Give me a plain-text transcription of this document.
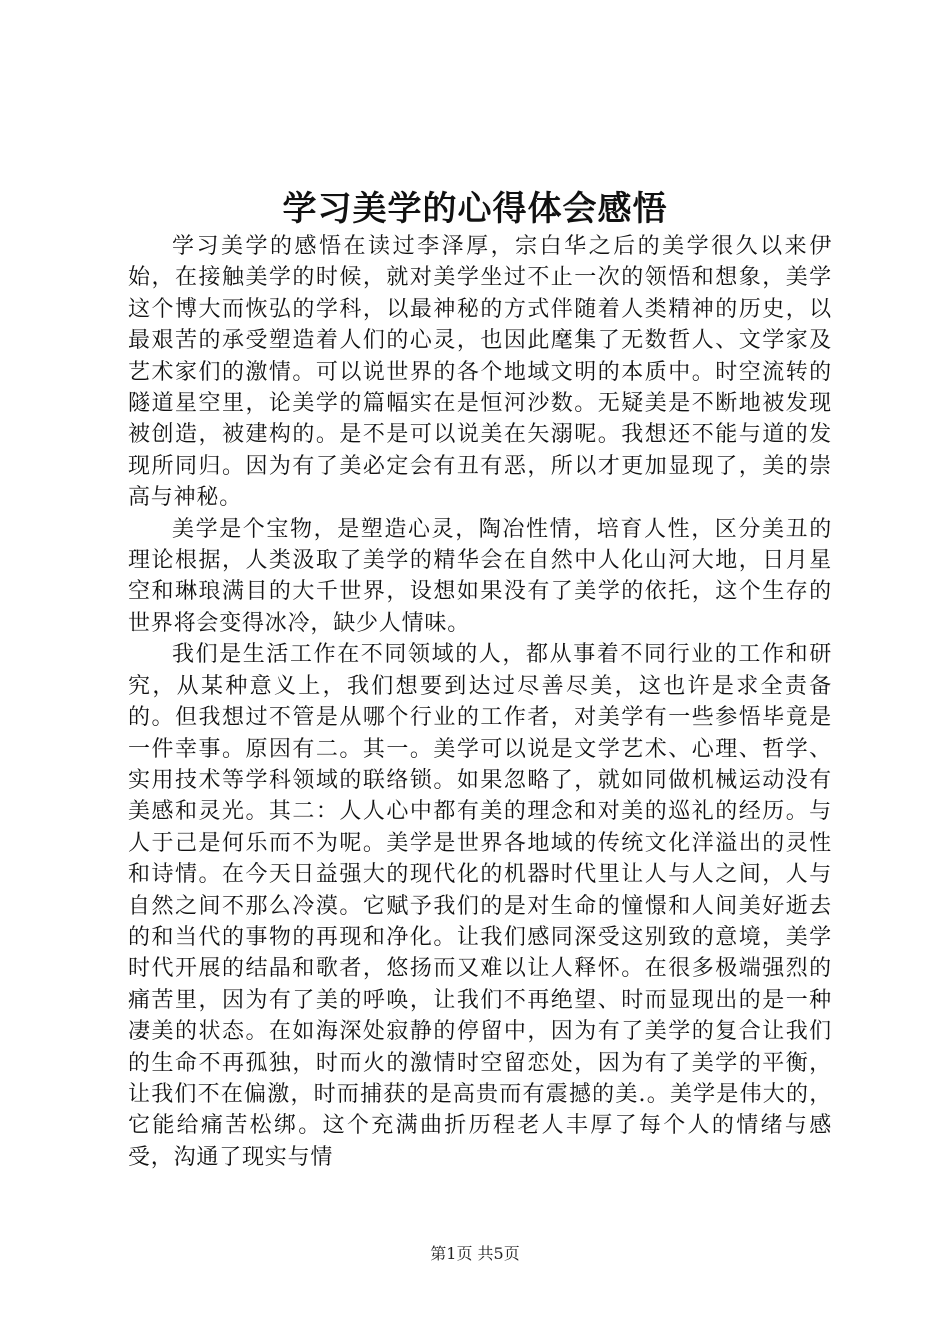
学习美学的心得体会感悟

学习美学的感悟在读过李泽厚，宗白华之后的美学很久以来伊始，在接触美学的时候，就对美学坐过不止一次的领悟和想象，美学这个博大而恢弘的学科，以最神秘的方式伴随着人类精神的历史，以最艰苦的承受塑造着人们的心灵，也因此麾集了无数哲人、文学家及艺术家们的激情。可以说世界的各个地域文明的本质中。时空流转的隧道星空里，论美学的篇幅实在是恒河沙数。无疑美是不断地被发现被创造，被建构的。是不是可以说美在矢溺呢。我想还不能与道的发现所同归。因为有了美必定会有丑有恶，所以才更加显现了，美的崇高与神秘。

美学是个宝物，是塑造心灵，陶冶性情，培育人性，区分美丑的理论根据，人类汲取了美学的精华会在自然中人化山河大地，日月星空和琳琅满目的大千世界，设想如果没有了美学的依托，这个生存的世界将会变得冰冷，缺少人情味。

我们是生活工作在不同领域的人，都从事着不同行业的工作和研究，从某种意义上，我们想要到达过尽善尽美，这也许是求全责备的。但我想过不管是从哪个行业的工作者，对美学有一些参悟毕竟是一件幸事。原因有二。其一。美学可以说是文学艺术、心理、哲学、实用技术等学科领域的联络锁。如果忽略了，就如同做机械运动没有美感和灵光。其二：人人心中都有美的理念和对美的巡礼的经历。与人于己是何乐而不为呢。美学是世界各地域的传统文化洋溢出的灵性和诗情。在今天日益强大的现代化的机器时代里让人与人之间，人与自然之间不那么冷漠。它赋予我们的是对生命的憧憬和人间美好逝去的和当代的事物的再现和净化。让我们感同深受这别致的意境，美学时代开展的结晶和歌者，悠扬而又难以让人释怀。在很多极端强烈的痛苦里，因为有了美的呼唤，让我们不再绝望、时而显现出的是一种凄美的状态。在如海深处寂静的停留中，因为有了美学的复合让我们的生命不再孤独，时而火的激情时空留恋处，因为有了美学的平衡，让我们不在偏激，时而捕获的是高贵而有震撼的美.。美学是伟大的，它能给痛苦松绑。这个充满曲折历程老人丰厚了每个人的情绪与感受，沟通了现实与情

第1页 共5页
